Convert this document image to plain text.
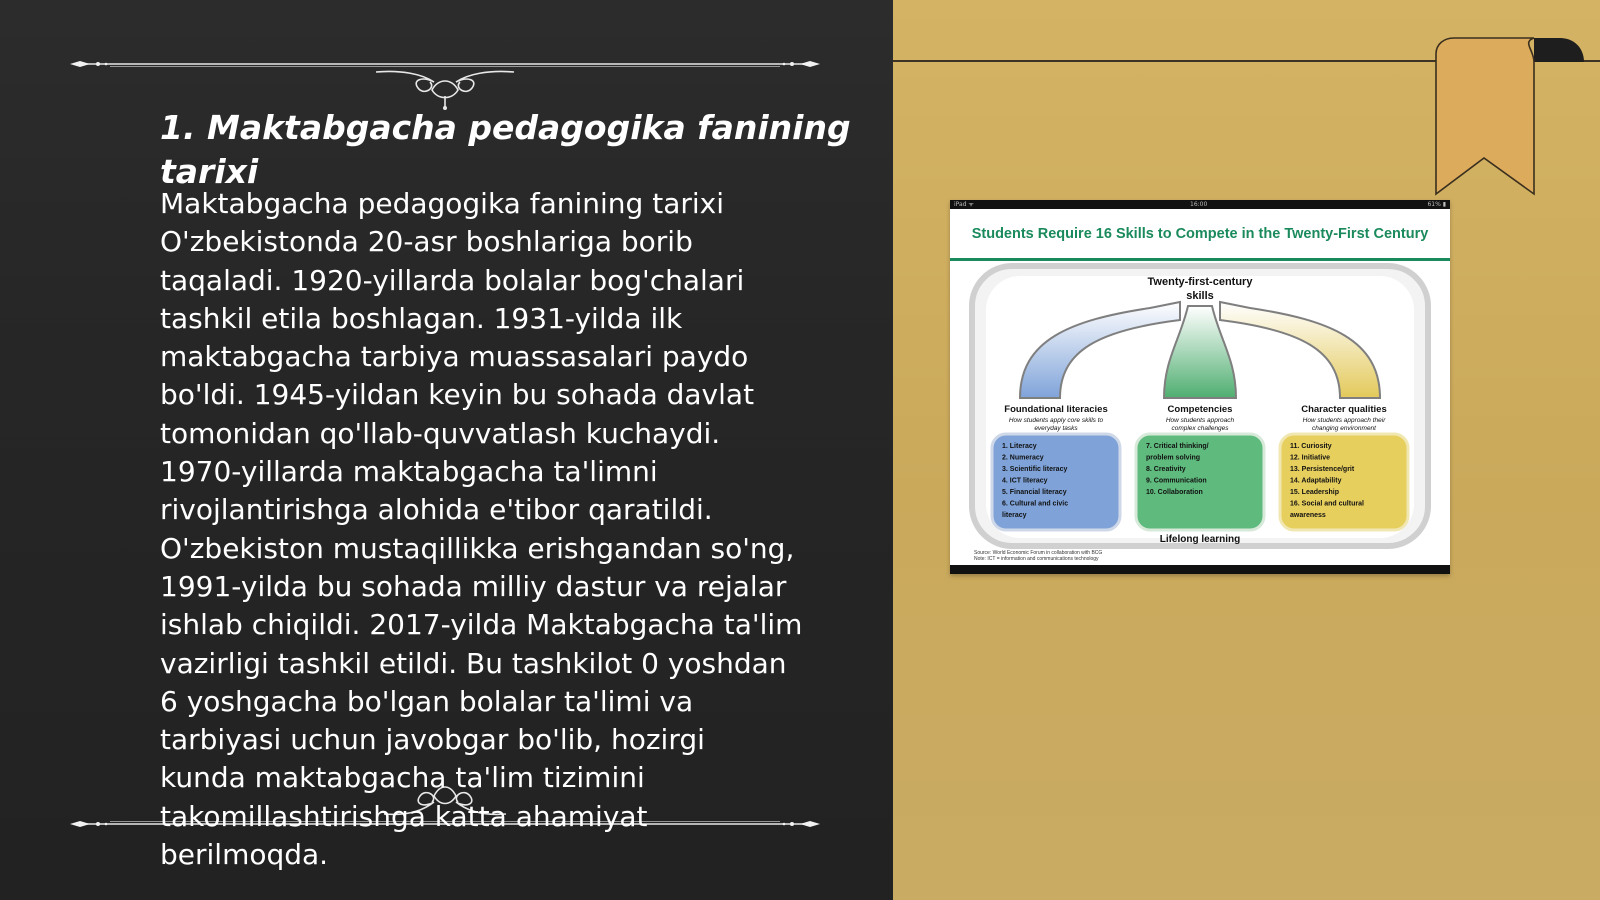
1. Maktabgacha pedagogika fanining
tarixi

Maktabgacha pedagogika fanining tarixi
O'zbekistonda 20-asr boshlariga borib
taqaladi. 1920-yillarda bolalar bog'chalari
tashkil etila boshlagan. 1931-yilda ilk
maktabgacha tarbiya muassasalari paydo
bo'ldi. 1945-yildan keyin bu sohada davlat
tomonidan qo'llab-quvvatlash kuchaydi.
1970-yillarda maktabgacha ta'limni
rivojlantirishga alohida e'tibor qaratildi.
O'zbekiston mustaqillikka erishgandan so'ng,
1991-yilda bu sohada milliy dastur va rejalar
ishlab chiqildi. 2017-yilda Maktabgacha ta'lim
vazirligi tashkil etildi. Bu tashkilot 0 yoshdan
6 yoshgacha bo'lgan bolalar ta'limi va
tarbiyasi uchun javobgar bo'lib, hozirgi
kunda maktabgacha ta'lim tizimini
takomillashtirishga katta ahamiyat
berilmoqda.

iPad ᯤ	16:00	61% ▮
Students Require 16 Skills to Compete in the Twenty-First Century
Twenty-first-century
skills
Lifelong learning
Foundational literacies
How students apply core skills to
everyday tasks
1. Literacy
2. Numeracy
3. Scientific literacy
4. ICT literacy
5. Financial literacy
6. Cultural and civic
literacy
Competencies
How students approach
complex challenges
7. Critical thinking/
problem solving
8. Creativity
9. Communication
10. Collaboration
Character qualities
How students approach their
changing environment
11. Curiosity
12. Initiative
13. Persistence/grit
14. Adaptability
15. Leadership
16. Social and cultural
awareness
Source: World Economic Forum in collaboration with BCG
Note: ICT = information and communications technology
